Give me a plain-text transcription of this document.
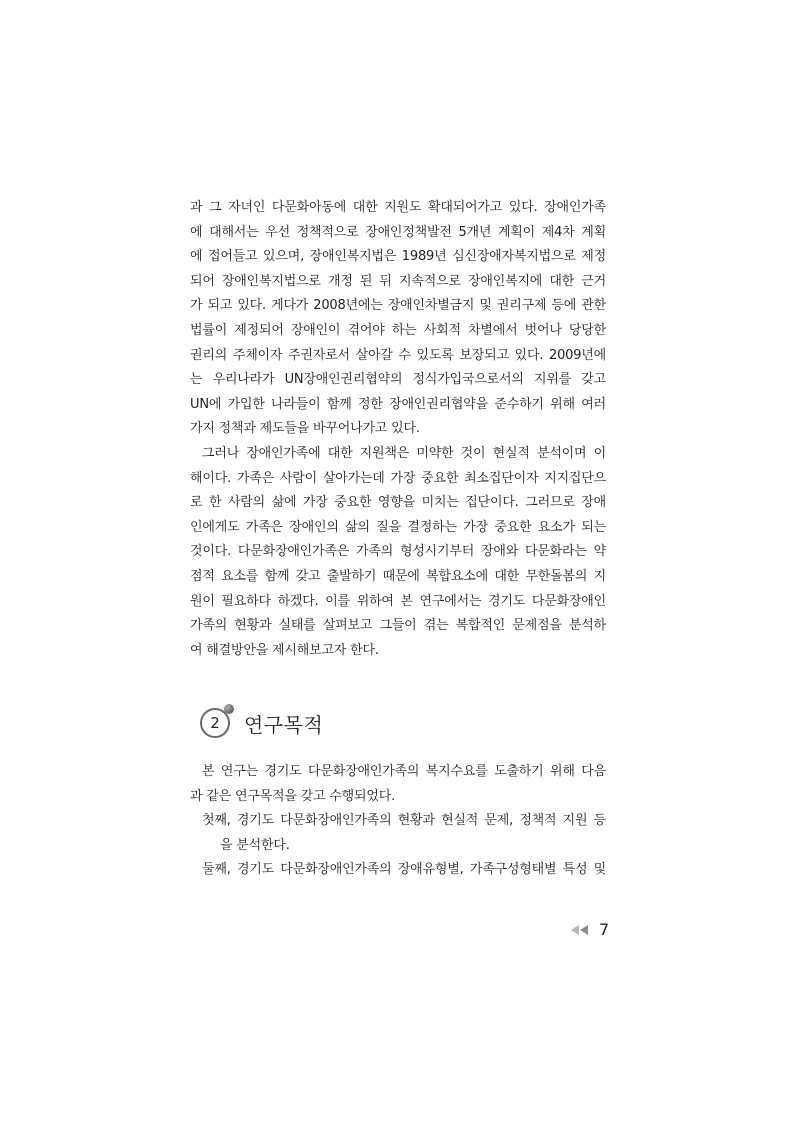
과 그 자녀인 다문화아동에 대한 지원도 확대되어가고 있다. 장애인가족
에 대해서는 우선 정책적으로 장애인정책발전 5개년 계획이 제4차 계획
에 접어들고 있으며, 장애인복지법은 1989년 심신장애자복지법으로 제정
되어 장애인복지법으로 개정 된 뒤 지속적으로 장애인복지에 대한 근거
가 되고 있다. 게다가 2008년에는 장애인차별금지 및 권리구제 등에 관한
법률이 제정되어 장애인이 겪어야 하는 사회적 차별에서 벗어나 당당한
권리의 주체이자 주권자로서 살아갈 수 있도록 보장되고 있다. 2009년에
는 우리나라가 UN장애인권리협약의 정식가입국으로서의 지위를 갖고
UN에 가입한 나라들이 함께 정한 장애인권리협약을 준수하기 위해 여러
가지 정책과 제도들을 바꾸어나가고 있다.
그러나 장애인가족에 대한 지원책은 미약한 것이 현실적 분석이며 이
해이다. 가족은 사람이 살아가는데 가장 중요한 최소집단이자 지지집단으
로 한 사람의 삶에 가장 중요한 영향을 미치는 집단이다. 그러므로 장애
인에게도 가족은 장애인의 삶의 질을 결정하는 가장 중요한 요소가 되는
것이다. 다문화장애인가족은 가족의 형성시기부터 장애와 다문화라는 약
점적 요소를 함께 갖고 출발하기 때문에 복합요소에 대한 무한돌봄의 지
원이 필요하다 하겠다. 이를 위하여 본 연구에서는 경기도 다문화장애인
가족의 현황과 실태를 살펴보고 그들이 겪는 복합적인 문제점을 분석하
여 해결방안을 제시해보고자 한다.
2 연구목적
본 연구는 경기도 다문화장애인가족의 복지수요를 도출하기 위해 다음
과 같은 연구목적을 갖고 수행되었다.
첫째, 경기도 다문화장애인가족의 현황과 현실적 문제, 정책적 지원 등
을 분석한다.
둘째, 경기도 다문화장애인가족의 장애유형별, 가족구성형태별 특성 및
7
